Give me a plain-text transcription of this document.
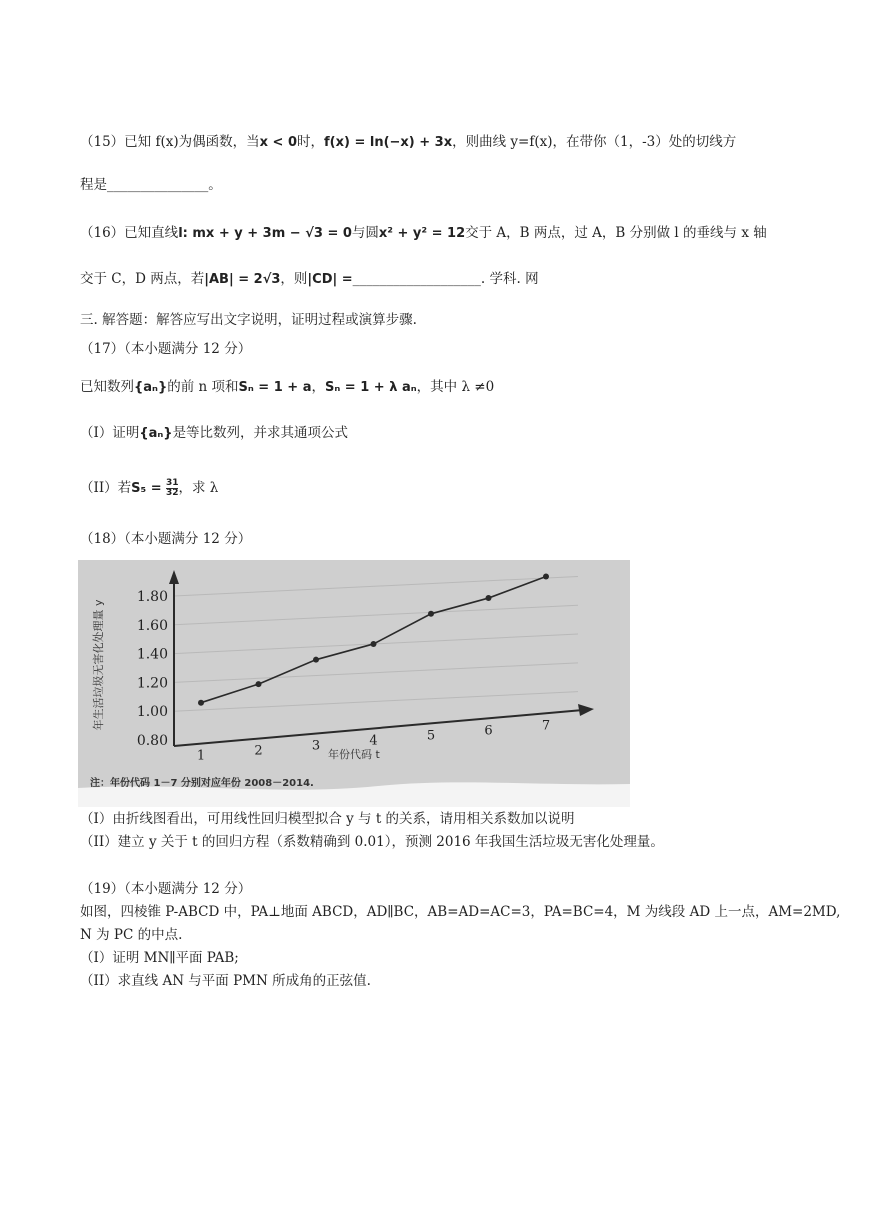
（15）已知 f(x)为偶函数，当x < 0时，f(x) = ln(−x) + 3x，则曲线 y=f(x)，在带你（1，-3）处的切线方
程是_______________。
（16）已知直线l: mx + y + 3m − √3 = 0与圆x² + y² = 12交于 A，B 两点，过 A，B 分别做 l 的垂线与 x 轴
交于 C，D 两点，若|AB| = 2√3，则|CD| =___________________. 学科. 网
三. 解答题：解答应写出文字说明，证明过程或演算步骤.
（17）（本小题满分 12 分）
已知数列{aₙ}的前 n 项和Sₙ = 1 + a，Sₙ = 1 + λ aₙ，其中 λ ≠0
（I）证明{aₙ}是等比数列，并求其通项公式
（II）若$S_5 = \frac{31}{32}$ ，求 λ
（18）（本小题满分 12 分）
0.80
1.00
1.20
1.40
1.60
1.80
1	2	3	4	5	6	7
年生活垃圾无害化处理量 y
年份代码 t
注：年份代码 1－7 分别对应年份 2008－2014.
（I）由折线图看出，可用线性回归模型拟合 y 与 t 的关系，请用相关系数加以说明
（II）建立 y 关于 t 的回归方程（系数精确到 0.01），预测 2016 年我国生活垃圾无害化处理量。
（19）（本小题满分 12 分）
如图，四棱锥 P-ABCD 中，PA⊥地面 ABCD，AD∥BC，AB=AD=AC=3，PA=BC=4，M 为线段 AD 上一点，AM=2MD,
N 为 PC 的中点.
（I）证明 MN∥平面 PAB;
（II）求直线 AN 与平面 PMN 所成角的正弦值.
